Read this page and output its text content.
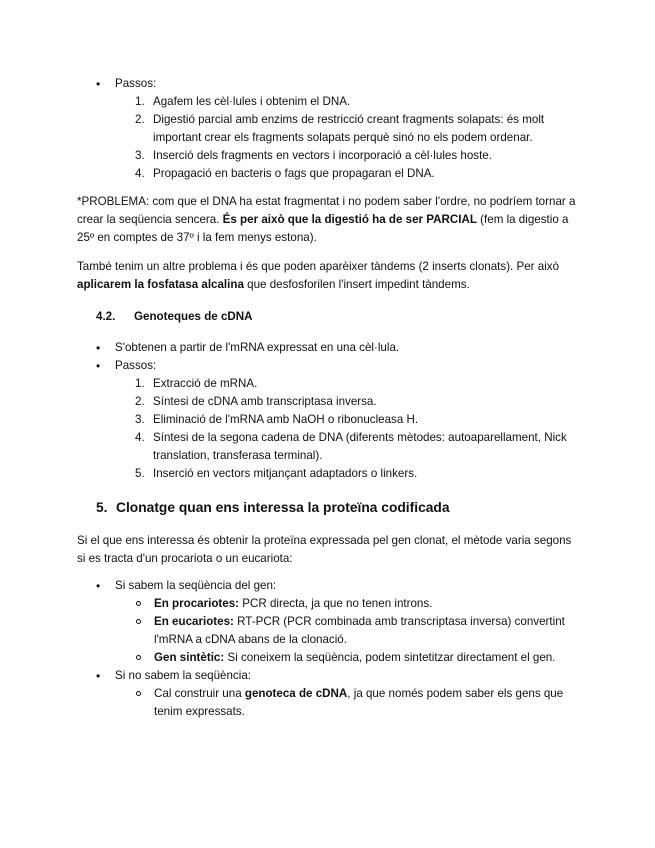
• Passos:
1. Agafem les cèl·lules i obtenim el DNA.
2. Digestió parcial amb enzims de restricció creant fragments solapats: és molt important crear els fragments solapats perquè sinó no els podem ordenar.
3. Inserció dels fragments en vectors i incorporació a cèl·lules hoste.
4. Propagació en bacteris o fags que propagaran el DNA.

*PROBLEMA: com que el DNA ha estat fragmentat i no podem saber l'ordre, no podríem tornar a crear la seqüencia sencera. És per això que la digestió ha de ser PARCIAL (fem la digestio a 25º en comptes de 37º i la fem menys estona).

També tenim un altre problema i és que poden aparèixer tàndems (2 inserts clonats). Per això aplicarem la fosfatasa alcalina que desfosforilen l'insert impedint tàndems.

4.2. Genoteques de cDNA

• S'obtenen a partir de l'mRNA expressat en una cèl·lula.
• Passos:
1. Extracció de mRNA.
2. Síntesi de cDNA amb transcriptasa inversa.
3. Eliminació de l'mRNA amb NaOH o ribonucleasa H.
4. Síntesi de la segona cadena de DNA (diferents mètodes: autoaparellament, Nick translation, transferasa terminal).
5. Inserció en vectors mitjançant adaptadors o linkers.
5. Clonatge quan ens interessa la proteïna codificada

Si el que ens interessa és obtenir la proteïna expressada pel gen clonat, el mètode varia segons si es tracta d'un procariota o un eucariota:

• Si sabem la seqüència del gen:
En procariotes: PCR directa, ja que no tenen introns.
En eucariotes: RT-PCR (PCR combinada amb transcriptasa inversa) convertint l'mRNA a cDNA abans de la clonació.
Gen sintètic: Si coneixem la seqüència, podem sintetitzar directament el gen.
• Si no sabem la seqüència:
Cal construir una genoteca de cDNA, ja que només podem saber els gens que tenim expressats.
